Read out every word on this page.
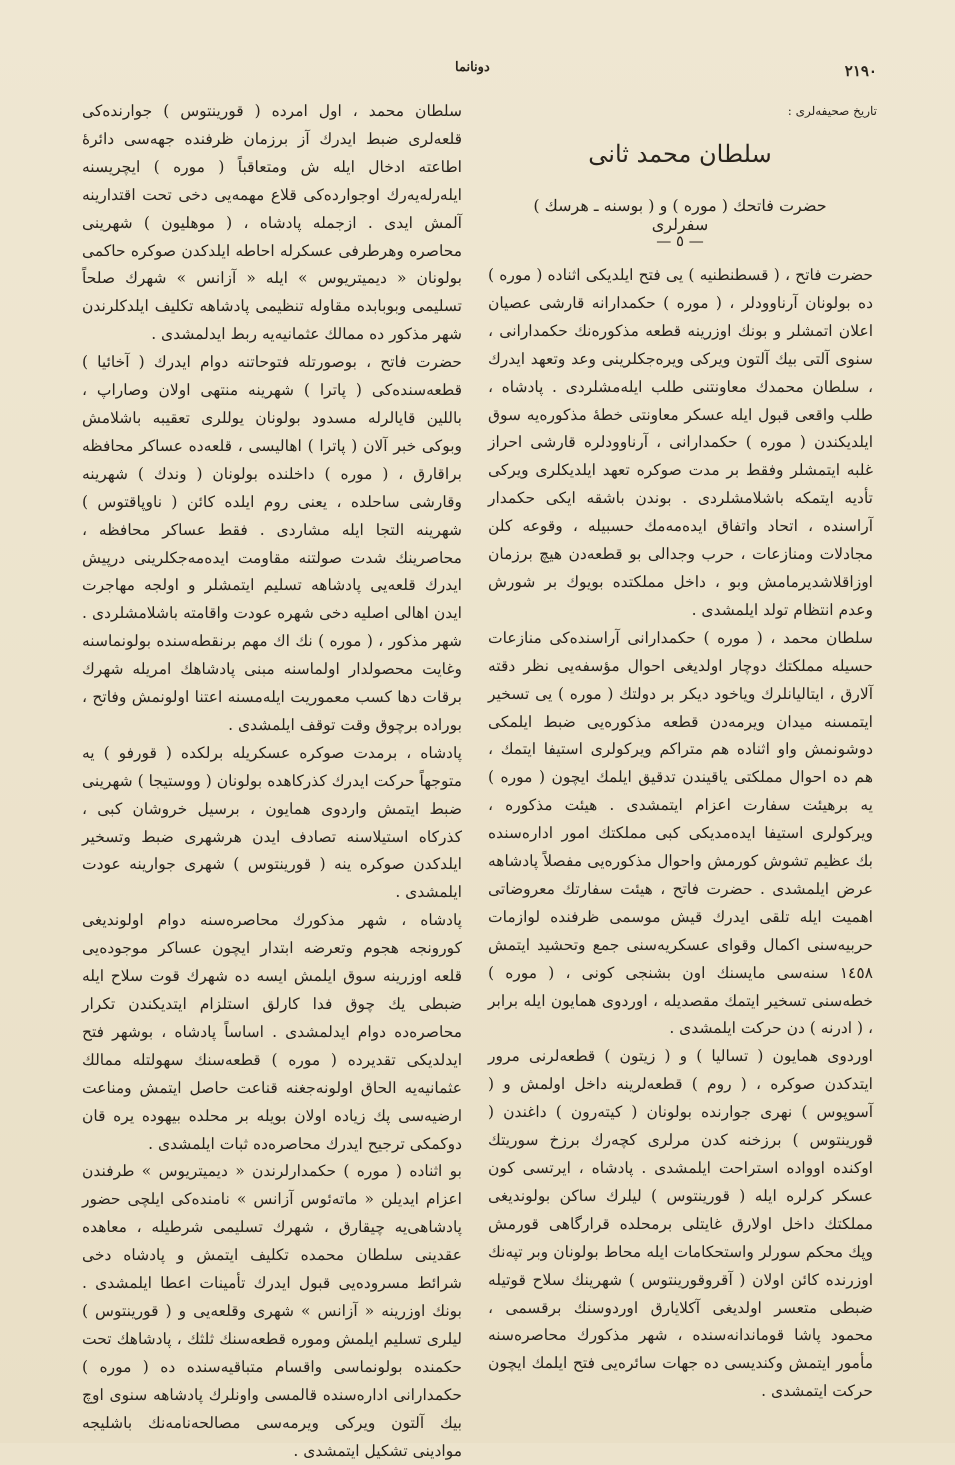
۲۱۹۰
دونانما
تاريخ صحيفه‌لرى :
سلطان محمد ثانى
حضرت فاتحك ( موره ) و ( بوسنه ـ هرسك ) سفرلرى
— ٥ —

حضرت فاتح ، ( قسطنطنيه ) يى فتح ايلديكى اثناده ( موره ) ده بولونان آرناوودلر ، ( موره ) حكمدارانه قارشى عصيان اعلان اتمشلر و بونك اوزرينه قطعه مذكوره‌نك حكمدارانى ، سنوى آلتى بيك آلتون ويركى ويره‌جكلرينى وعد وتعهد ايدرك ، سلطان محمدك معاونتنى طلب ايله‌مشلردى . پادشاه ، طلب واقعى قبول ايله عسكر معاونتى خطهٔ مذكوره‌يه سوق ايلديكندن ( موره ) حكمدارانى ، آرناوودلره قارشى احراز غلبه ايتمشلر وفقط بر مدت صوكره تعهد ايلديكلرى ويركى تأديه ايتمكه باشلامشلردى . بوندن باشقه ايكى حكمدار آراسنده ، اتحاد واتفاق ايدەمه‌مك حسبيله ، وقوعه كلن مجادلات ومنازعات ، حرب وجدالى بو قطعه‌دن هيچ برزمان اوزاقلاشديرمامش وبو ، داخل مملكتده بويوك بر شورش وعدم انتظام تولد ايلمشدى .

سلطان محمد ، ( موره ) حكمدارانى آراسنده‌كى منازعات حسيله مملكتك دوچار اولديغى احوال مؤسفه‌يى نظر دقته آلارق ، ايتاليانلرك وياخود ديكر بر دولتك ( موره ) يى تسخير ايتمسنه ميدان ويرمەدن قطعه مذكوره‌يى ضبط ايلمكى دوشونمش واو اثناده هم متراكم ويركولرى استيفا ايتمك ، هم ده احوال مملكتى ياقيندن تدقيق ايلمك ايچون ( موره ) يه برهيئت سفارت اعزام ايتمشدى . هيئت مذكوره ، ويركولرى استيفا ايده‌مديكى كبى مملكتك امور ادارەسنده بك عظيم تشوش كورمش واحوال مذكوره‌يى مفصلاً پادشاهه عرض ايلمشدى . حضرت فاتح ، هيئت سفارتك معروضاتى اهميت ايله تلقى ايدرك قيش موسمى ظرفنده لوازمات حربيه‌سنى اكمال وقواى عسكريه‌سنى جمع وتحشيد ايتمش ۱٤٥٨ سنه‌سى مايسنك اون بشنجى كونى ، ( موره ) خطه‌سنى تسخير ايتمك مقصديله ، اوردوى همايون ايله برابر ، ( ادرنه ) دن حركت ايلمشدى .

اوردوى همايون ( تساليا ) و ( زيتون ) قطعه‌لرنى مرور ايتدكدن صوكره ، ( روم ) قطعه‌لرينه داخل اولمش و ( آسوپوس ) نهرى جوارنده بولونان ( كيتەرون ) داغندن ( قورينتوس ) برزخنه كدن مرلرى كچه‌رك برزخ سوريتك اوكنده اوواده استراحت ايلمشدى . پادشاه ، ايرتسى كون عسكر كرلره ايله ( قورينتوس ) ليلرك ساكن بولونديغى مملكتك داخل اولارق غايتلى برمحلده قرارگاهى قورمش وپك محكم سورلر واستحكامات ايله محاط بولونان وبر تپه‌نك اوزرنده كائن اولان ( آقروقورينتوس ) شهرينك سلاح قوتيله ضبطى متعسر اولديغى آكلايارق اوردوسنك برقسمى ، محمود پاشا قوماندانه‌سنده ، شهر مذكورك محاصره‌سنه مأمور ايتمش وكنديسى ده جهات سائره‌يى فتح ايلمك ايچون حركت ايتمشدى .

سلطان محمد ، اول امرده ( قورينتوس ) جوارنده‌كى قلعه‌لرى ضبط ايدرك آز برزمان ظرفنده جهه‌سى دائرهٔ اطاعته ادخال ايله ش ومتعاقباً ( موره ) ايچريسنه ايلەرله‌يەرك اوجوارده‌كى قلاع مهمه‌يى دخى تحت اقتدارينه آلمش ايدى . ازجمله پادشاه ، ( موهليون ) شهرينى محاصره وهرطرفى عسكرله احاطه ايلدكدن صوكره حاكمى بولونان « ديميتريوس » ايله « آزانس » شهرك صلحاً تسليمى وبوبابده مقاوله تنظيمى پادشاهه تكليف ايلدكلرندن شهر مذكور ده ممالك عثمانيه‌يه ربط ايدلمشدى .

حضرت فاتح ، بوصورتله فتوحاتنه دوام ايدرك ( آخائيا ) قطعه‌سنده‌كى ( پاترا ) شهرينه منتهى اولان وصاراپ ، باللين قايالرله مسدود بولونان يوللرى تعقيبه باشلامش وبوكى خبر آلان ( پاترا ) اهاليسى ، قلعه‌ده عساكر محافظه براقارق ، ( موره ) داخلنده بولونان ( وندك ) شهرينه وقارشى ساحلده ، يعنى روم ايلده كائن ( ناوپاقتوس ) شهرينه التجا ايله مشاردى . فقط عساكر محافظه ، محاصرينك شدت صولتنه مقاومت ايده‌مه‌جكلرينى درپيش ايدرك قلعه‌يى پادشاهه تسليم ايتمشلر و اولجه مهاجرت ايدن اهالى اصليه دخى شهره عودت واقامته باشلامشلردى . شهر مذكور ، ( موره ) نك اك مهم برنقطه‌سنده بولونماسنه وغايت محصولدار اولماسنه مبنى پادشاهك امريله شهرك برقات دها كسب معموريت ايلەمسنه اعتنا اولونمش وفاتح ، بوراده برچوق وقت توقف ايلمشدى .

پادشاه ، برمدت صوكره عسكريله برلكده ( قورفو ) يه متوجهاً حركت ايدرك كذركاهده بولونان ( ووستيجا ) شهرينى ضبط ايتمش واردوى همايون ، برسيل خروشان كبى ، كذركاه استيلاسنه تصادف ايدن هرشهرى ضبط وتسخير ايلدكدن صوكره ينه ( قورينتوس ) شهرى جوارينه عودت ايلمشدى .

پادشاه ، شهر مذكورك محاصره‌سنه دوام اولونديغى كورونجه هجوم وتعرضه ابتدار ايچون عساكر موجوده‌يى قلعه اوزرينه سوق ايلمش ايسه ده شهرك قوت سلاح ايله ضبطى يك چوق فدا كارلق استلزام ايتديكندن تكرار محاصره‌ده دوام ايدلمشدى . اساساً پادشاه ، بوشهر فتح ايدلديكى تقديرده ( موره ) قطعه‌سنك سهولتله ممالك عثمانيه‌يه الحاق اولونه‌جغنه قناعت حاصل ايتمش ومناعت ارضيه‌سى پك زياده اولان بويله بر محلده بيهوده يره قان دوكمكى ترجيح ايدرك محاصره‌ده ثبات ايلمشدى .

بو اثناده ( موره ) حكمدارلرندن « ديميتريوس » طرفندن اعزام ايديلن « ماتەئوس آزانس » نامنده‌كى ايلچى حضور پادشاهى‌يه چيقارق ، شهرك تسليمى شرطيله ، معاهده عقدينى سلطان محمده تكليف ايتمش و پادشاه دخى شرائط مسرودەيى قبول ايدرك تأمينات اعطا ايلمشدى . بونك اوزرينه « آزانس » شهرى وقلعه‌يى و ( قورينتوس ) ليلرى تسليم ايلمش وموره قطعه‌سنك ثلثك ، پادشاهك تحت حكمنده بولونماسى واقسام متباقيه‌سنده ده ( موره ) حكمدارانى ادارەسنده قالمسى واونلرك پادشاهه سنوى اوچ بيك آلتون ويركى ويرمه‌سى مصالحه‌نامه‌نك باشليجه موادينى تشكيل ايتمشدى .
